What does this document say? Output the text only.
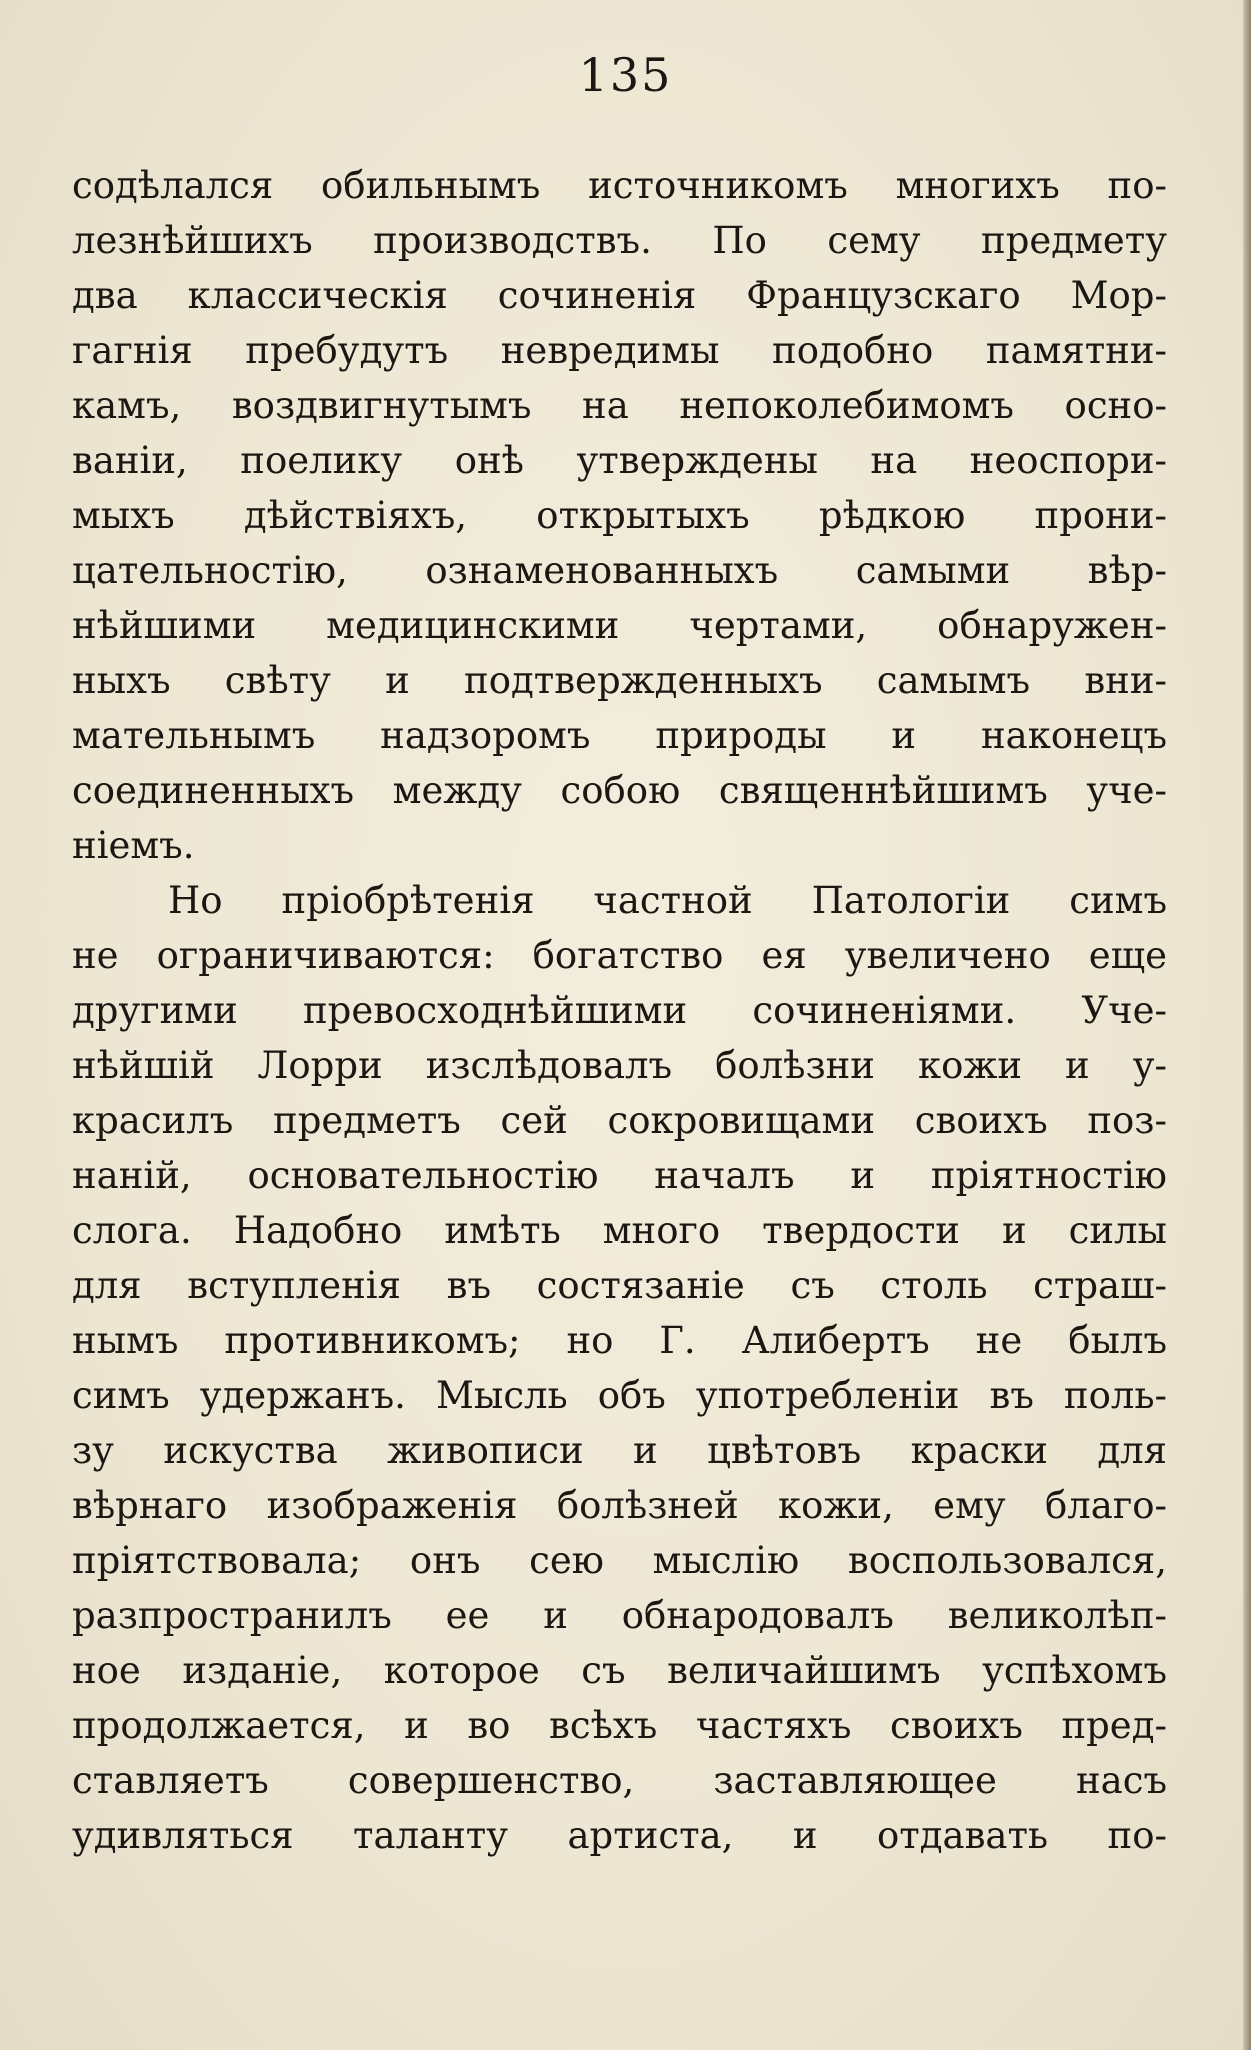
135
содѣлался обильнымъ источникомъ многихъ по-
лезнѣйшихъ производствъ. По сему предмету
два классическія сочиненія Французскаго Мор-
гагнія пребудутъ невредимы подобно памятни-
камъ, воздвигнутымъ на непоколебимомъ осно-
ваніи, поелику онѣ утверждены на неоспори-
мыхъ дѣйствіяхъ, открытыхъ рѣдкою прони-
цательностію, ознаменованныхъ самыми вѣр-
нѣйшими медицинскими чертами, обнаружен-
ныхъ свѣту и подтвержденныхъ самымъ вни-
мательнымъ надзоромъ природы и наконецъ
соединенныхъ между собою священнѣйшимъ уче-
ніемъ.
Но пріобрѣтенія частной Патологіи симъ
не ограничиваются: богатство ея увеличено еще
другими превосходнѣйшими сочиненіями. Уче-
нѣйшій Лорри изслѣдовалъ болѣзни кожи и у-
красилъ предметъ сей сокровищами своихъ поз-
наній, основательностію началъ и пріятностію
слога. Надобно имѣть много твердости и силы
для вступленія въ состязаніе съ столь страш-
нымъ противникомъ; но Г. Алибертъ не былъ
симъ удержанъ. Мысль объ употребленіи въ поль-
зу искуства живописи и цвѣтовъ краски для
вѣрнаго изображенія болѣзней кожи, ему благо-
пріятствовала; онъ сею мыслію воспользовался,
разпространилъ ее и обнародовалъ великолѣп-
ное изданіе, которое съ величайшимъ успѣхомъ
продолжается, и во всѣхъ частяхъ своихъ пред-
ставляетъ совершенство, заставляющее насъ
удивляться таланту артиста, и отдавать по-
